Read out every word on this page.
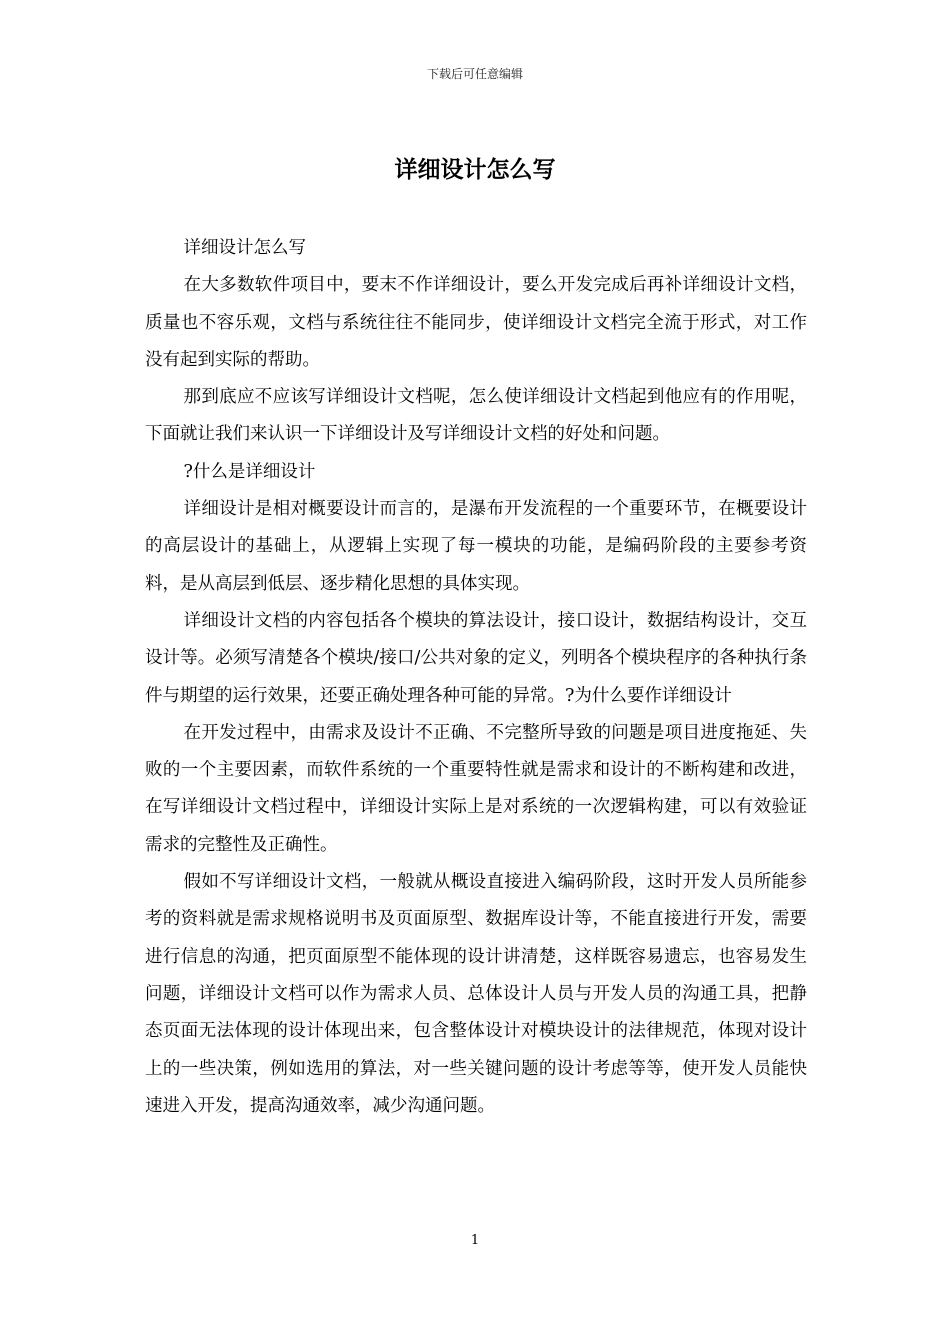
下载后可任意编辑
详细设计怎么写

详细设计怎么写

在大多数软件项目中，要末不作详细设计，要么开发完成后再补详细设计文档，质量也不容乐观，文档与系统往往不能同步，使详细设计文档完全流于形式，对工作没有起到实际的帮助。

那到底应不应该写详细设计文档呢，怎么使详细设计文档起到他应有的作用呢，下面就让我们来认识一下详细设计及写详细设计文档的好处和问题。

?什么是详细设计

详细设计是相对概要设计而言的，是瀑布开发流程的一个重要环节，在概要设计的高层设计的基础上，从逻辑上实现了每一模块的功能，是编码阶段的主要参考资料，是从高层到低层、逐步精化思想的具体实现。

详细设计文档的内容包括各个模块的算法设计，接口设计，数据结构设计，交互设计等。必须写清楚各个模块/接口/公共对象的定义，列明各个模块程序的各种执行条件与期望的运行效果，还要正确处理各种可能的异常。?为什么要作详细设计

在开发过程中，由需求及设计不正确、不完整所导致的问题是项目进度拖延、失败的一个主要因素，而软件系统的一个重要特性就是需求和设计的不断构建和改进，在写详细设计文档过程中，详细设计实际上是对系统的一次逻辑构建，可以有效验证需求的完整性及正确性。

假如不写详细设计文档，一般就从概设直接进入编码阶段，这时开发人员所能参考的资料就是需求规格说明书及页面原型、数据库设计等，不能直接进行开发，需要进行信息的沟通，把页面原型不能体现的设计讲清楚，这样既容易遗忘，也容易发生问题，详细设计文档可以作为需求人员、总体设计人员与开发人员的沟通工具，把静态页面无法体现的设计体现出来，包含整体设计对模块设计的法律规范，体现对设计上的一些决策，例如选用的算法，对一些关键问题的设计考虑等等，使开发人员能快速进入开发，提高沟通效率，减少沟通问题。

1
